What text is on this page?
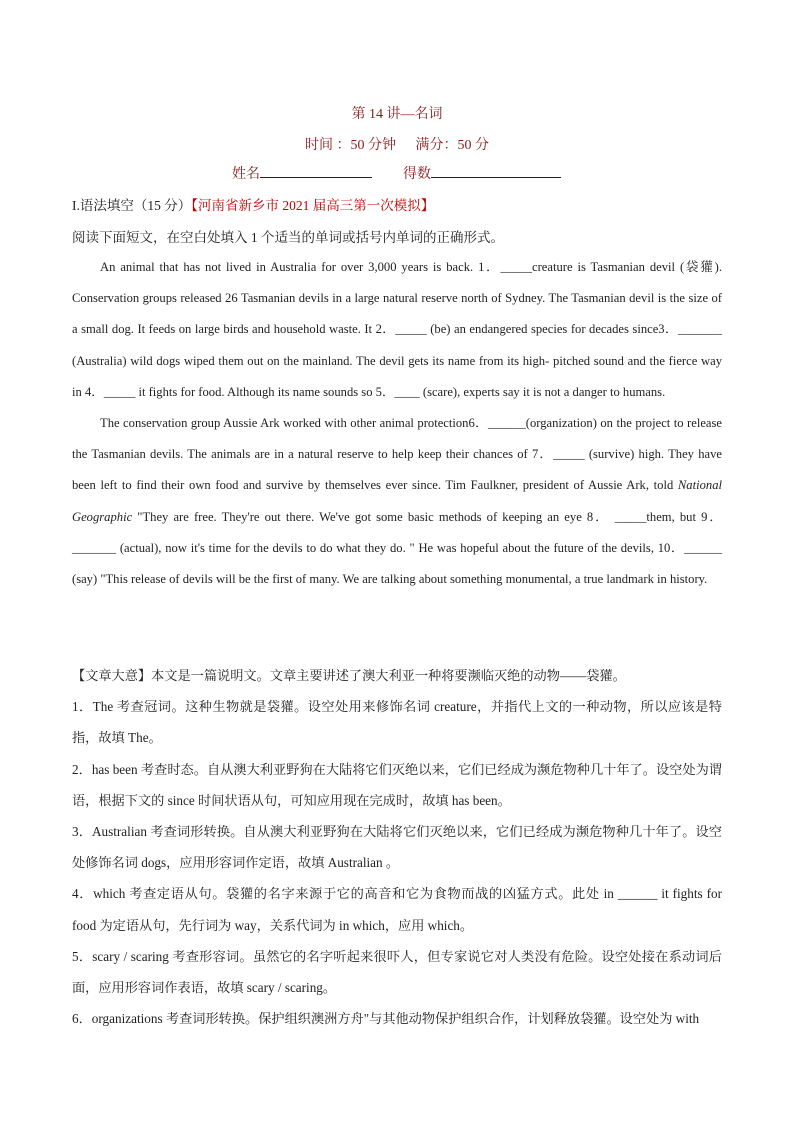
第 14 讲—名词
时间 ：50 分钟 满分：50 分
姓名	得数
I.语法填空（15 分）【河南省新乡市 2021 届高三第一次模拟】
阅读下面短文，在空白处填入 1 个适当的单词或括号内单词的正确形式。

An animal that has not lived in Australia for over 3,000 years is back. 1．_____creature is Tasmanian devil (袋獾). Conservation groups released 26 Tasmanian devils in a large natural reserve north of Sydney. The Tasmanian devil is the size of a small dog. It feeds on large birds and household waste. It 2．_____ (be) an endangered species for decades since3．_______ (Australia) wild dogs wiped them out on the mainland. The devil gets its name from its high- pitched sound and the fierce way in 4．_____ it fights for food. Although its name sounds so 5．____ (scare), experts say it is not a danger to humans.

The conservation group Aussie Ark worked with other animal protection6．______(organization) on the project to release the Tasmanian devils. The animals are in a natural reserve to help keep their chances of 7．_____ (survive) high. They have been left to find their own food and survive by themselves ever since. Tim Faulkner, president of Aussie Ark, told National Geographic "They are free. They're out there. We've got some basic methods of keeping an eye 8． _____them, but 9．_______ (actual), now it's time for the devils to do what they do. " He was hopeful about the future of the devils, 10．______ (say) "This release of devils will be the first of many. We are talking about something monumental, a true landmark in history.

【文章大意】本文是一篇说明文。文章主要讲述了澳大利亚一种将要濒临灭绝的动物——袋獾。

1．The 考查冠词。这种生物就是袋獾。设空处用来修饰名词 creature，并指代上文的一种动物，所以应该是特指，故填 The。

2．has been 考查时态。自从澳大利亚野狗在大陆将它们灭绝以来，它们已经成为濒危物种几十年了。设空处为谓语，根据下文的 since 时间状语从句，可知应用现在完成时，故填 has been。

3．Australian 考查词形转换。自从澳大利亚野狗在大陆将它们灭绝以来，它们已经成为濒危物种几十年了。设空处修饰名词 dogs，应用形容词作定语，故填 Australian 。

4．which 考查定语从句。袋獾的名字来源于它的高音和它为食物而战的凶猛方式。此处 in ______ it fights for food 为定语从句，先行词为 way，关系代词为 in which，应用 which。

5．scary / scaring 考查形容词。虽然它的名字听起来很吓人，但专家说它对人类没有危险。设空处接在系动词后面，应用形容词作表语，故填 scary / scaring。

6．organizations 考查词形转换。保护组织澳洲方舟"与其他动物保护组织合作，计划释放袋獾。设空处为 with
